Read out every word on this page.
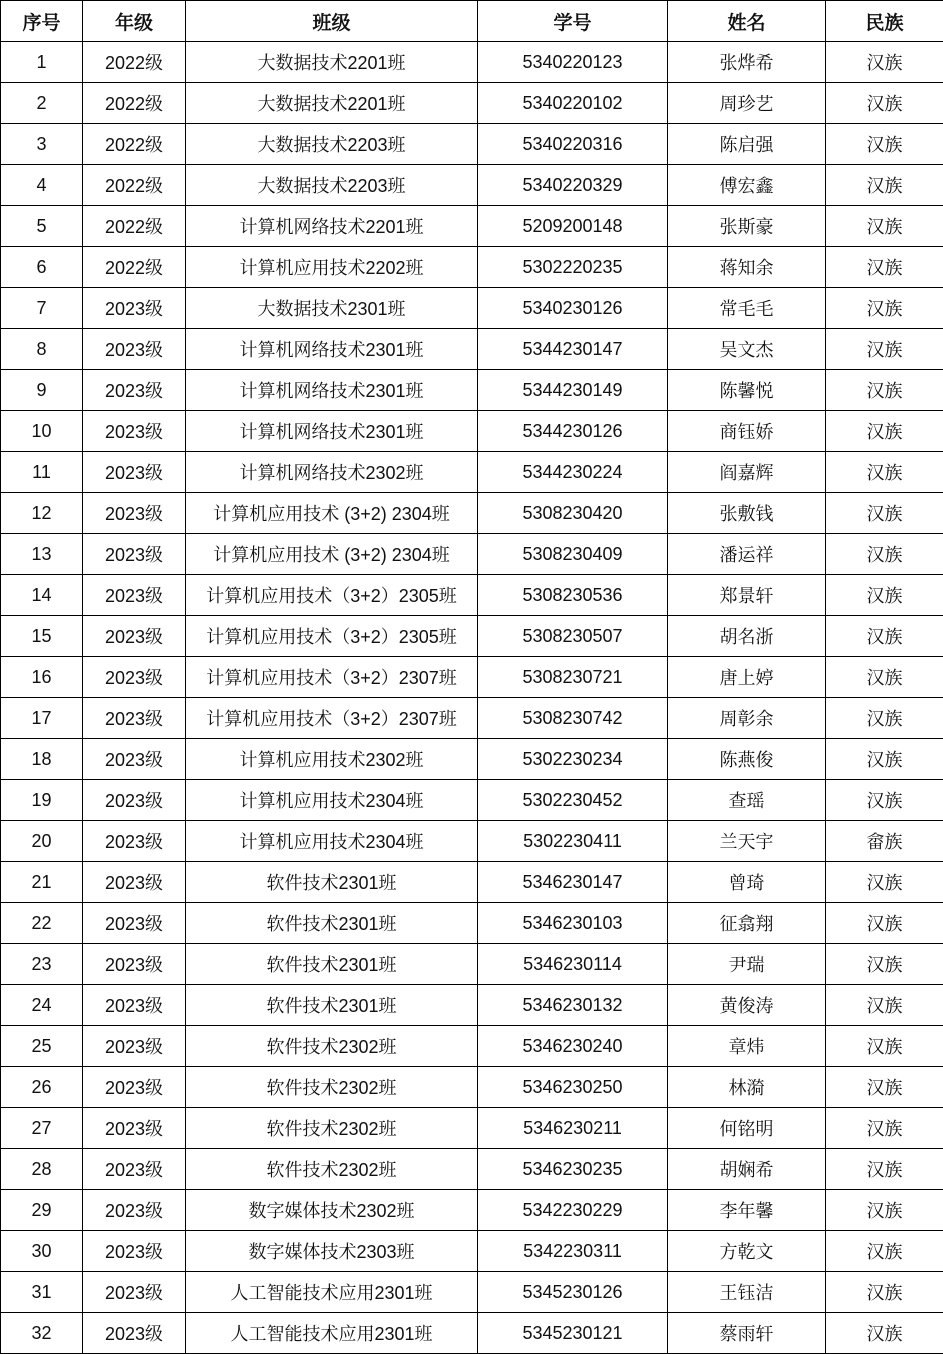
序号	年级	班级	学号	姓名	民族
1	2022级	大数据技术2201班	5340220123	张烨希	汉族
2	2022级	大数据技术2201班	5340220102	周珍艺	汉族
3	2022级	大数据技术2203班	5340220316	陈启强	汉族
4	2022级	大数据技术2203班	5340220329	傅宏鑫	汉族
5	2022级	计算机网络技术2201班	5209200148	张斯豪	汉族
6	2022级	计算机应用技术2202班	5302220235	蒋知余	汉族
7	2023级	大数据技术2301班	5340230126	常毛毛	汉族
8	2023级	计算机网络技术2301班	5344230147	吴文杰	汉族
9	2023级	计算机网络技术2301班	5344230149	陈馨悦	汉族
10	2023级	计算机网络技术2301班	5344230126	商钰娇	汉族
11	2023级	计算机网络技术2302班	5344230224	阎嘉辉	汉族
12	2023级	计算机应用技术 (3+2) 2304班	5308230420	张敷钱	汉族
13	2023级	计算机应用技术 (3+2) 2304班	5308230409	潘运祥	汉族
14	2023级	计算机应用技术（3+2）2305班	5308230536	郑景轩	汉族
15	2023级	计算机应用技术（3+2）2305班	5308230507	胡名浙	汉族
16	2023级	计算机应用技术（3+2）2307班	5308230721	唐上婷	汉族
17	2023级	计算机应用技术（3+2）2307班	5308230742	周彰余	汉族
18	2023级	计算机应用技术2302班	5302230234	陈燕俊	汉族
19	2023级	计算机应用技术2304班	5302230452	查瑶	汉族
20	2023级	计算机应用技术2304班	5302230411	兰天宇	畲族
21	2023级	软件技术2301班	5346230147	曾琦	汉族
22	2023级	软件技术2301班	5346230103	征翕翔	汉族
23	2023级	软件技术2301班	5346230114	尹瑞	汉族
24	2023级	软件技术2301班	5346230132	黄俊涛	汉族
25	2023级	软件技术2302班	5346230240	章炜	汉族
26	2023级	软件技术2302班	5346230250	林漪	汉族
27	2023级	软件技术2302班	5346230211	何铭明	汉族
28	2023级	软件技术2302班	5346230235	胡娴希	汉族
29	2023级	数字媒体技术2302班	5342230229	李年馨	汉族
30	2023级	数字媒体技术2303班	5342230311	方乾文	汉族
31	2023级	人工智能技术应用2301班	5345230126	王钰洁	汉族
32	2023级	人工智能技术应用2301班	5345230121	蔡雨轩	汉族
